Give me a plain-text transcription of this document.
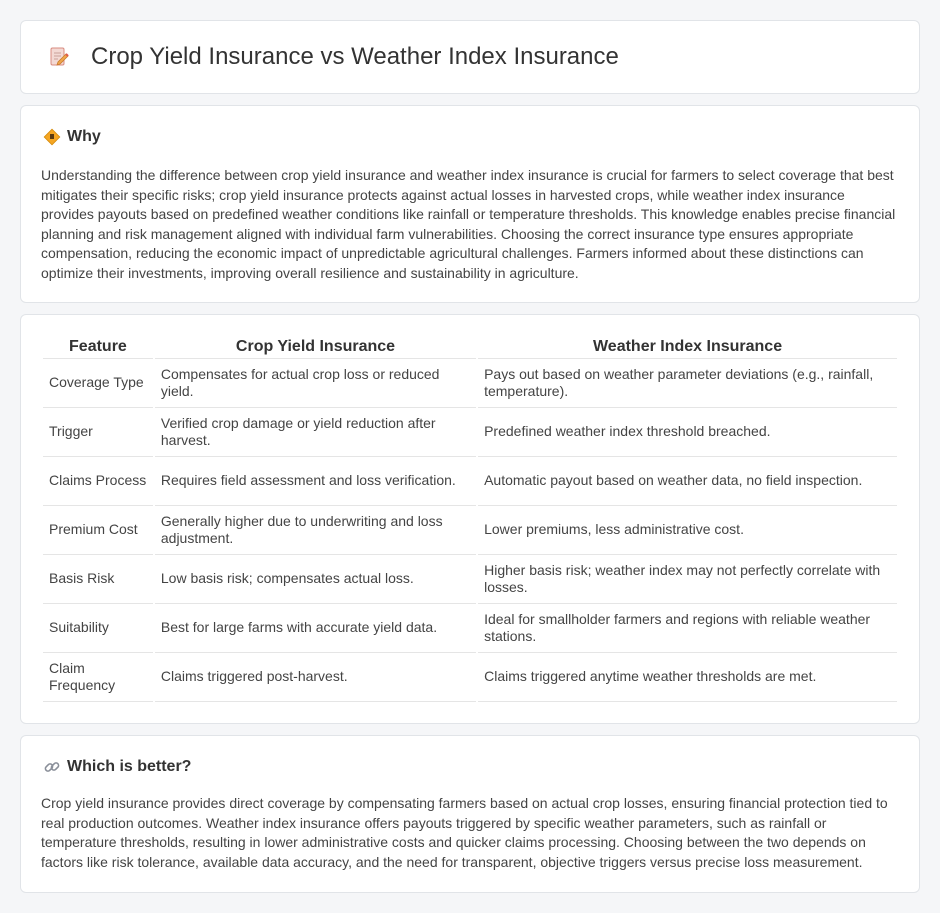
Crop Yield Insurance vs Weather Index Insurance
Why

Understanding the difference between crop yield insurance and weather index insurance is crucial for farmers to select coverage that best mitigates their specific risks; crop yield insurance protects against actual losses in harvested crops, while weather index insurance provides payouts based on predefined weather conditions like rainfall or temperature thresholds. This knowledge enables precise financial planning and risk management aligned with individual farm vulnerabilities. Choosing the correct insurance type ensures appropriate compensation, reducing the economic impact of unpredictable agricultural challenges. Farmers informed about these distinctions can optimize their investments, improving overall resilience and sustainability in agriculture.

Feature	Crop Yield Insurance	Weather Index Insurance
Coverage Type	Compensates for actual crop loss or reduced yield.	Pays out based on weather parameter deviations (e.g., rainfall, temperature).
Trigger	Verified crop damage or yield reduction after harvest.	Predefined weather index threshold breached.
Claims Process	Requires field assessment and loss verification.	Automatic payout based on weather data, no field inspection.
Premium Cost	Generally higher due to underwriting and loss adjustment.	Lower premiums, less administrative cost.
Basis Risk	Low basis risk; compensates actual loss.	Higher basis risk; weather index may not perfectly correlate with losses.
Suitability	Best for large farms with accurate yield data.	Ideal for smallholder farmers and regions with reliable weather stations.
Claim Frequency	Claims triggered post-harvest.	Claims triggered anytime weather thresholds are met.
Which is better?

Crop yield insurance provides direct coverage by compensating farmers based on actual crop losses, ensuring financial protection tied to real production outcomes. Weather index insurance offers payouts triggered by specific weather parameters, such as rainfall or temperature thresholds, resulting in lower administrative costs and quicker claims processing. Choosing between the two depends on factors like risk tolerance, available data accuracy, and the need for transparent, objective triggers versus precise loss measurement.
